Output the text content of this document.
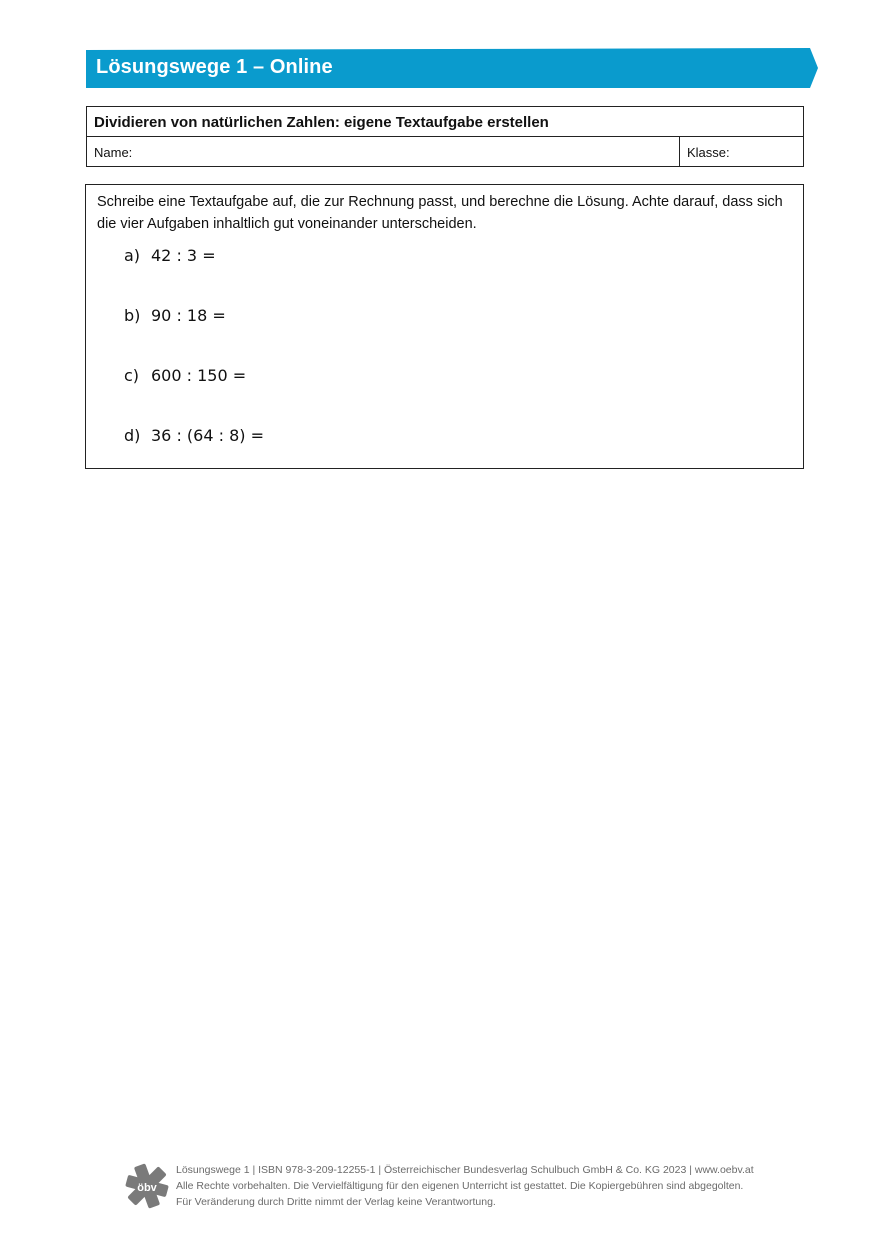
Lösungswege 1 – Online
Dividieren von natürlichen Zahlen: eigene Textaufgabe erstellen
Name:	Klasse:
Schreibe eine Textaufgabe auf, die zur Rechnung passt, und berechne die Lösung. Achte darauf, dass sich die vier Aufgaben inhaltlich gut voneinander unterscheiden.
a) 42 : 3 =
b) 90 : 18 =
c) 600 : 150 =
d) 36 : (64 : 8) =
öbv
Lösungswege 1 | ISBN 978-3-209-12255-1 | Österreichischer Bundesverlag Schulbuch GmbH & Co. KG 2023 | www.oebv.at
Alle Rechte vorbehalten. Die Vervielfältigung für den eigenen Unterricht ist gestattet. Die Kopiergebühren sind abgegolten.
Für Veränderung durch Dritte nimmt der Verlag keine Verantwortung.
